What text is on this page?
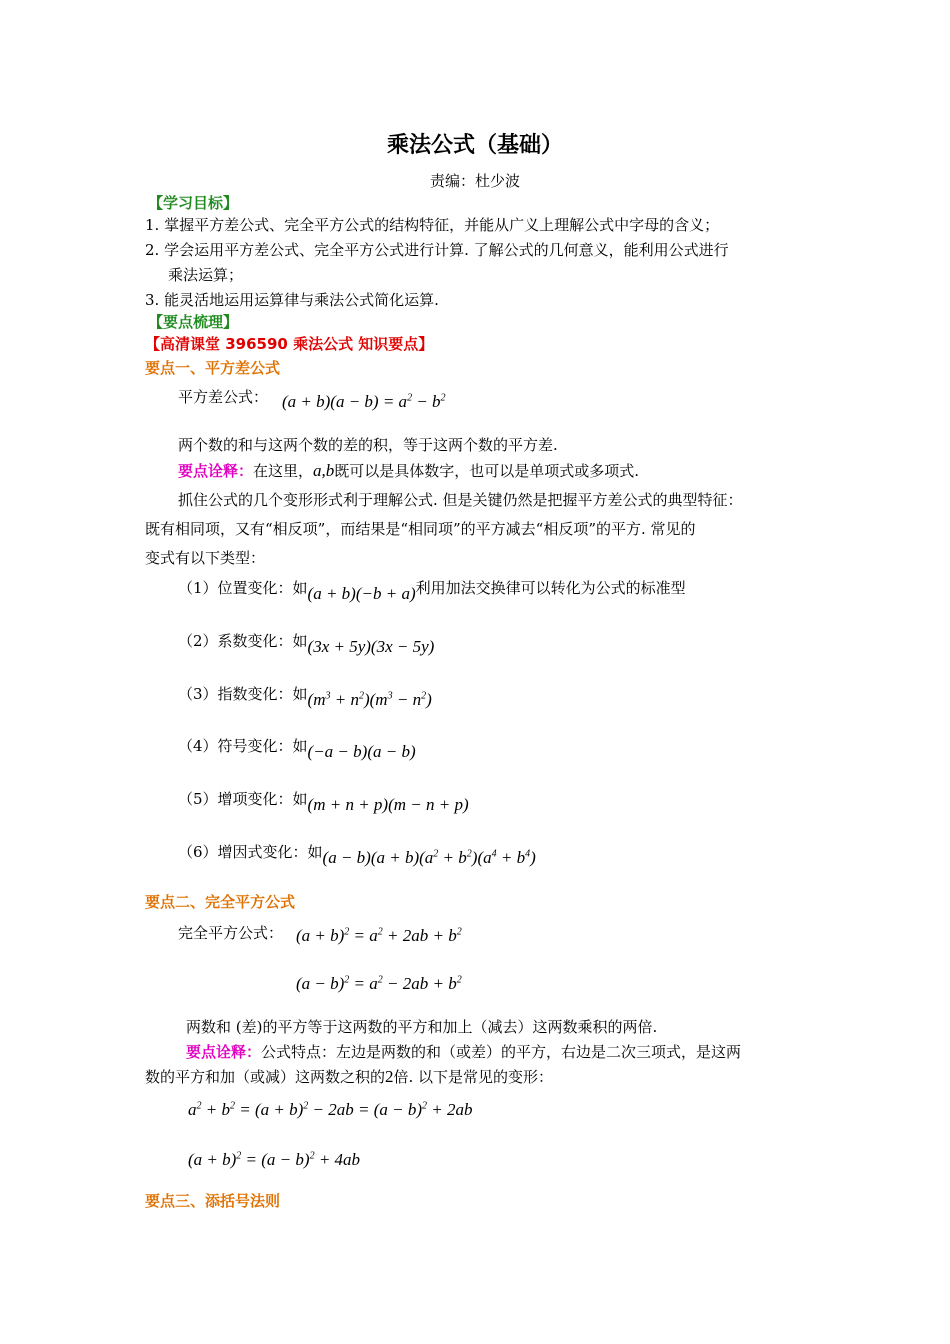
乘法公式（基础）
责编：杜少波
【学习目标】
1. 掌握平方差公式、完全平方公式的结构特征，并能从广义上理解公式中字母的含义；
2. 学会运用平方差公式、完全平方公式进行计算. 了解公式的几何意义，能利用公式进行
乘法运算；
3. 能灵活地运用运算律与乘法公式简化运算.
【要点梳理】
【高清课堂 396590 乘法公式 知识要点】
要点一、平方差公式
平方差公式： $(a + b)(a - b) = a^2 - b^2$
两个数的和与这两个数的差的积，等于这两个数的平方差.
要点诠释：在这里，a,b既可以是具体数字，也可以是单项式或多项式.
抓住公式的几个变形形式利于理解公式. 但是关键仍然是把握平方差公式的典型特征：
既有相同项，又有“相反项”，而结果是“相同项”的平方减去“相反项”的平方. 常见的
变式有以下类型：
（1）位置变化：如(a + b)(−b + a)利用加法交换律可以转化为公式的标准型
（2）系数变化：如(3x + 5y)(3x − 5y)
（3）指数变化：如$(m^3 + n^2)(m^3 - n^2)$
（4）符号变化：如(−a − b)(a − b)
（5）增项变化：如(m + n + p)(m − n + p)
（6）增因式变化：如$(a - b)(a + b)(a^2 + b^2)(a^4 + b^4)$
要点二、完全平方公式
完全平方公式： $(a + b)^2 = a^2 + 2ab + b^2$
$(a - b)^2 = a^2 - 2ab + b^2$
两数和 (差)的平方等于这两数的平方和加上（减去）这两数乘积的两倍.
要点诠释：公式特点：左边是两数的和（或差）的平方，右边是二次三项式，是这两
数的平方和加（或减）这两数之积的2倍. 以下是常见的变形：
$a^2 + b^2 = (a + b)^2 - 2ab = (a - b)^2 + 2ab$
$(a + b)^2 = (a - b)^2 + 4ab$
要点三、添括号法则
